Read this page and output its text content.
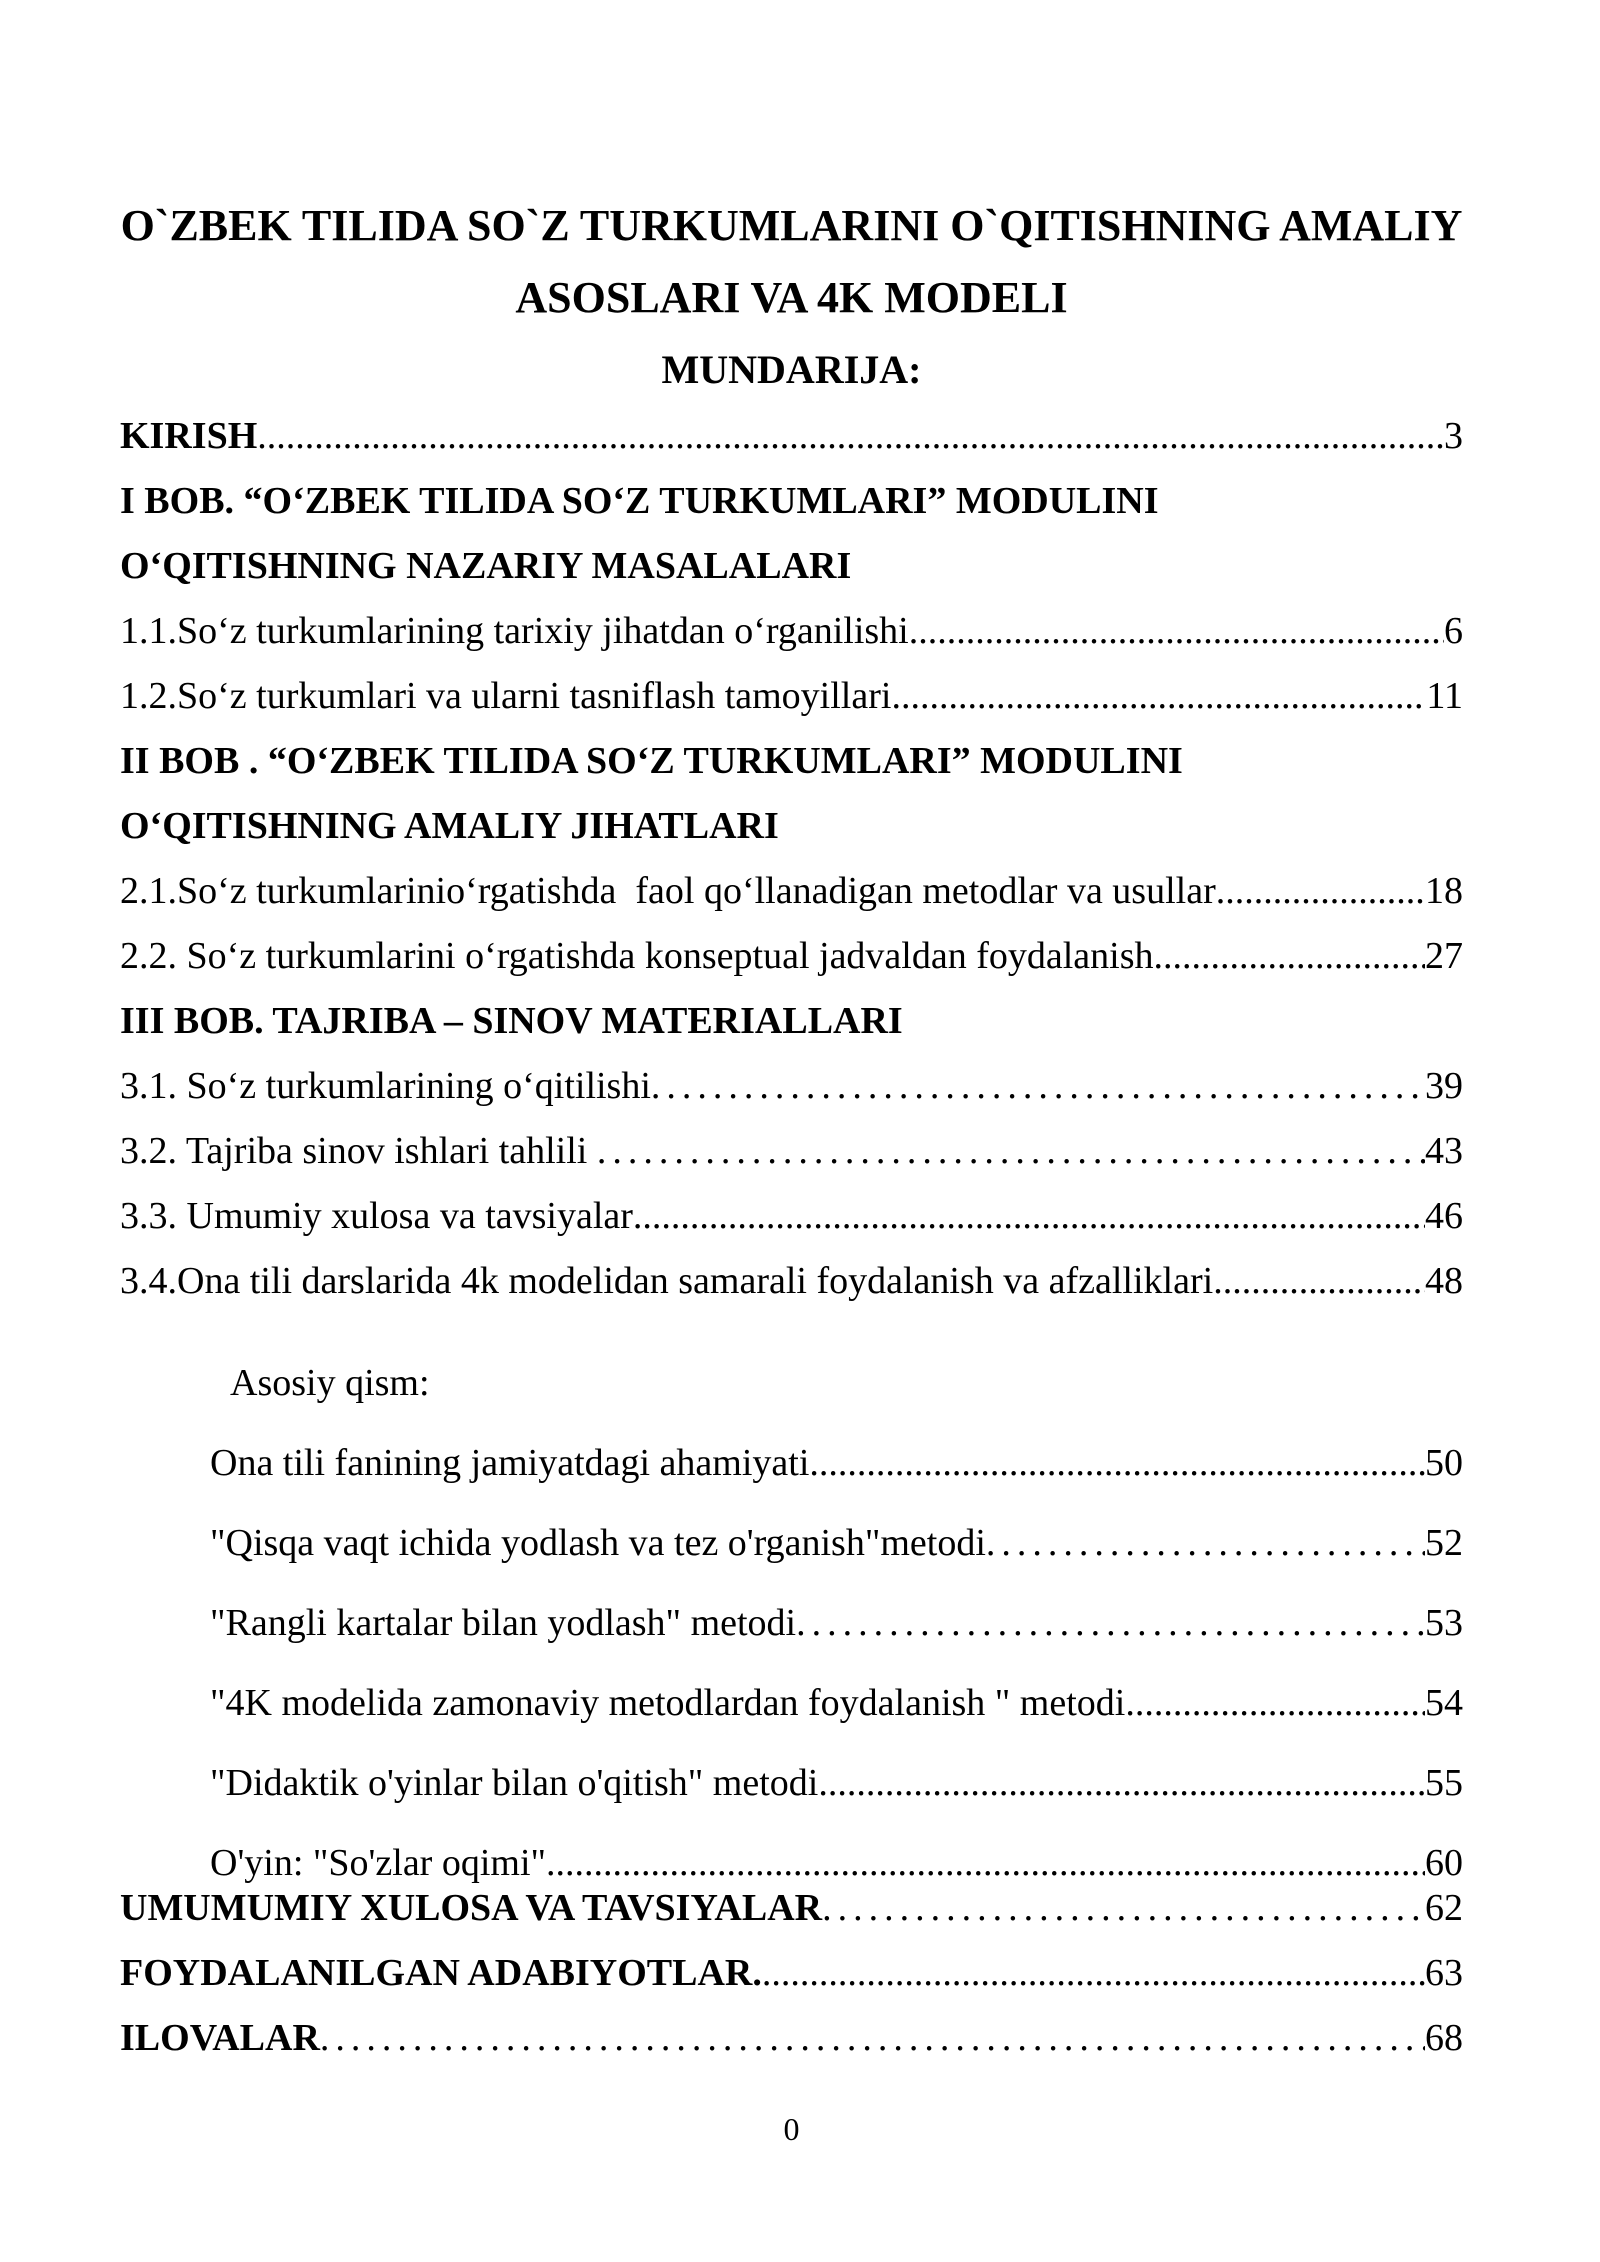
O`ZBEK TILIDA SO`Z TURKUMLARINI O`QITISHNING AMALIY
ASOSLARI VA 4K MODELI
MUNDARIJA:
KIRISH .....	3
I BOB. “O‘ZBEK TILIDA SO‘Z TURKUMLARI” MODULINI
O‘QITISHNING NAZARIY MASALALARI
1.1.So‘z turkumlarining tarixiy jihatdan o‘rganilishi .....	6
1.2.So‘z turkumlari va ularni tasniflash tamoyillari .....	11
II BOB . “O‘ZBEK TILIDA SO‘Z TURKUMLARI” MODULINI
O‘QITISHNING AMALIY JIHATLARI
2.1.So‘z turkumlarinio‘rgatishda  faol qo‘llanadigan metodlar va usullar .....	18
2.2. So‘z turkumlarini o‘rgatishda konseptual jadvaldan foydalanish .....	27
III BOB. TAJRIBA – SINOV MATERIALLARI
3.1. So‘z turkumlarining o‘qitilishi .....	39
3.2. Tajriba sinov ishlari tahlili .....	43
3.3. Umumiy xulosa va tavsiyalar .....	46
3.4.Ona tili darslarida 4k modelidan samarali foydalanish va afzalliklari .....	48
Asosiy qism:
Ona tili fanining jamiyatdagi ahamiyati .....	50
"Qisqa vaqt ichida yodlash va tez o'rganish"metodi .....	52
"Rangli kartalar bilan yodlash" metodi .....	53
"4K modelida zamonaviy metodlardan foydalanish " metodi .....	54
"Didaktik o'yinlar bilan o'qitish" metodi .....	55
O'yin: "So'zlar oqimi" .....	60
UMUMUMIY XULOSA VA TAVSIYALAR .....	62
FOYDALANILGAN ADABIYOTLAR. .....	63
ILOVALAR .....	68
0
